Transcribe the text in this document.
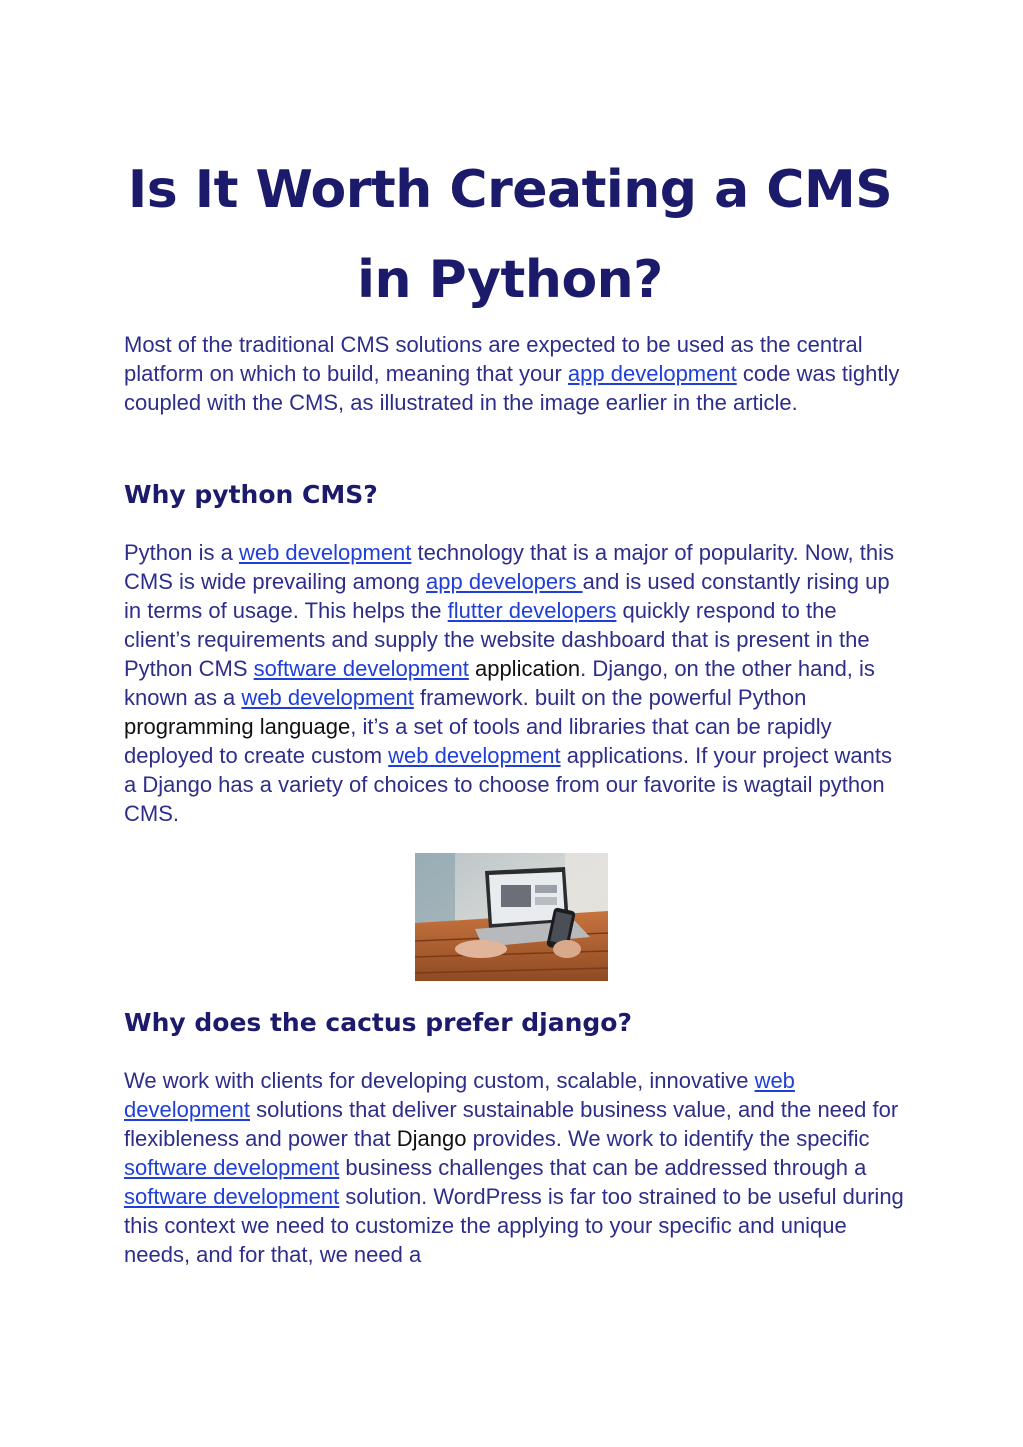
Is It Worth Creating a CMS in Python?

Most of the traditional CMS solutions are expected to be used as the central platform on which to build, meaning that your app development code was tightly coupled with the CMS, as illustrated in the image earlier in the article.

Why python CMS?

Python is a web development technology that is a major of popularity. Now, this CMS is wide prevailing among app developers and is used constantly rising up in terms of usage. This helps the flutter developers quickly respond to the client’s requirements and supply the website dashboard that is present in the Python CMS software development application. Django, on the other hand, is known as a web development framework. built on the powerful Python programming language, it’s a set of tools and libraries that can be rapidly deployed to create custom web development applications. If your project wants a Django has a variety of choices to choose from our favorite is wagtail python CMS.

Why does the cactus prefer django?

We work with clients for developing custom, scalable, innovative web development solutions that deliver sustainable business value, and the need for flexibleness and power that Django provides. We work to identify the specific software development business challenges that can be addressed through a software development solution. WordPress is far too strained to be useful during this context we need to customize the applying to your specific and unique needs, and for that, we need a
